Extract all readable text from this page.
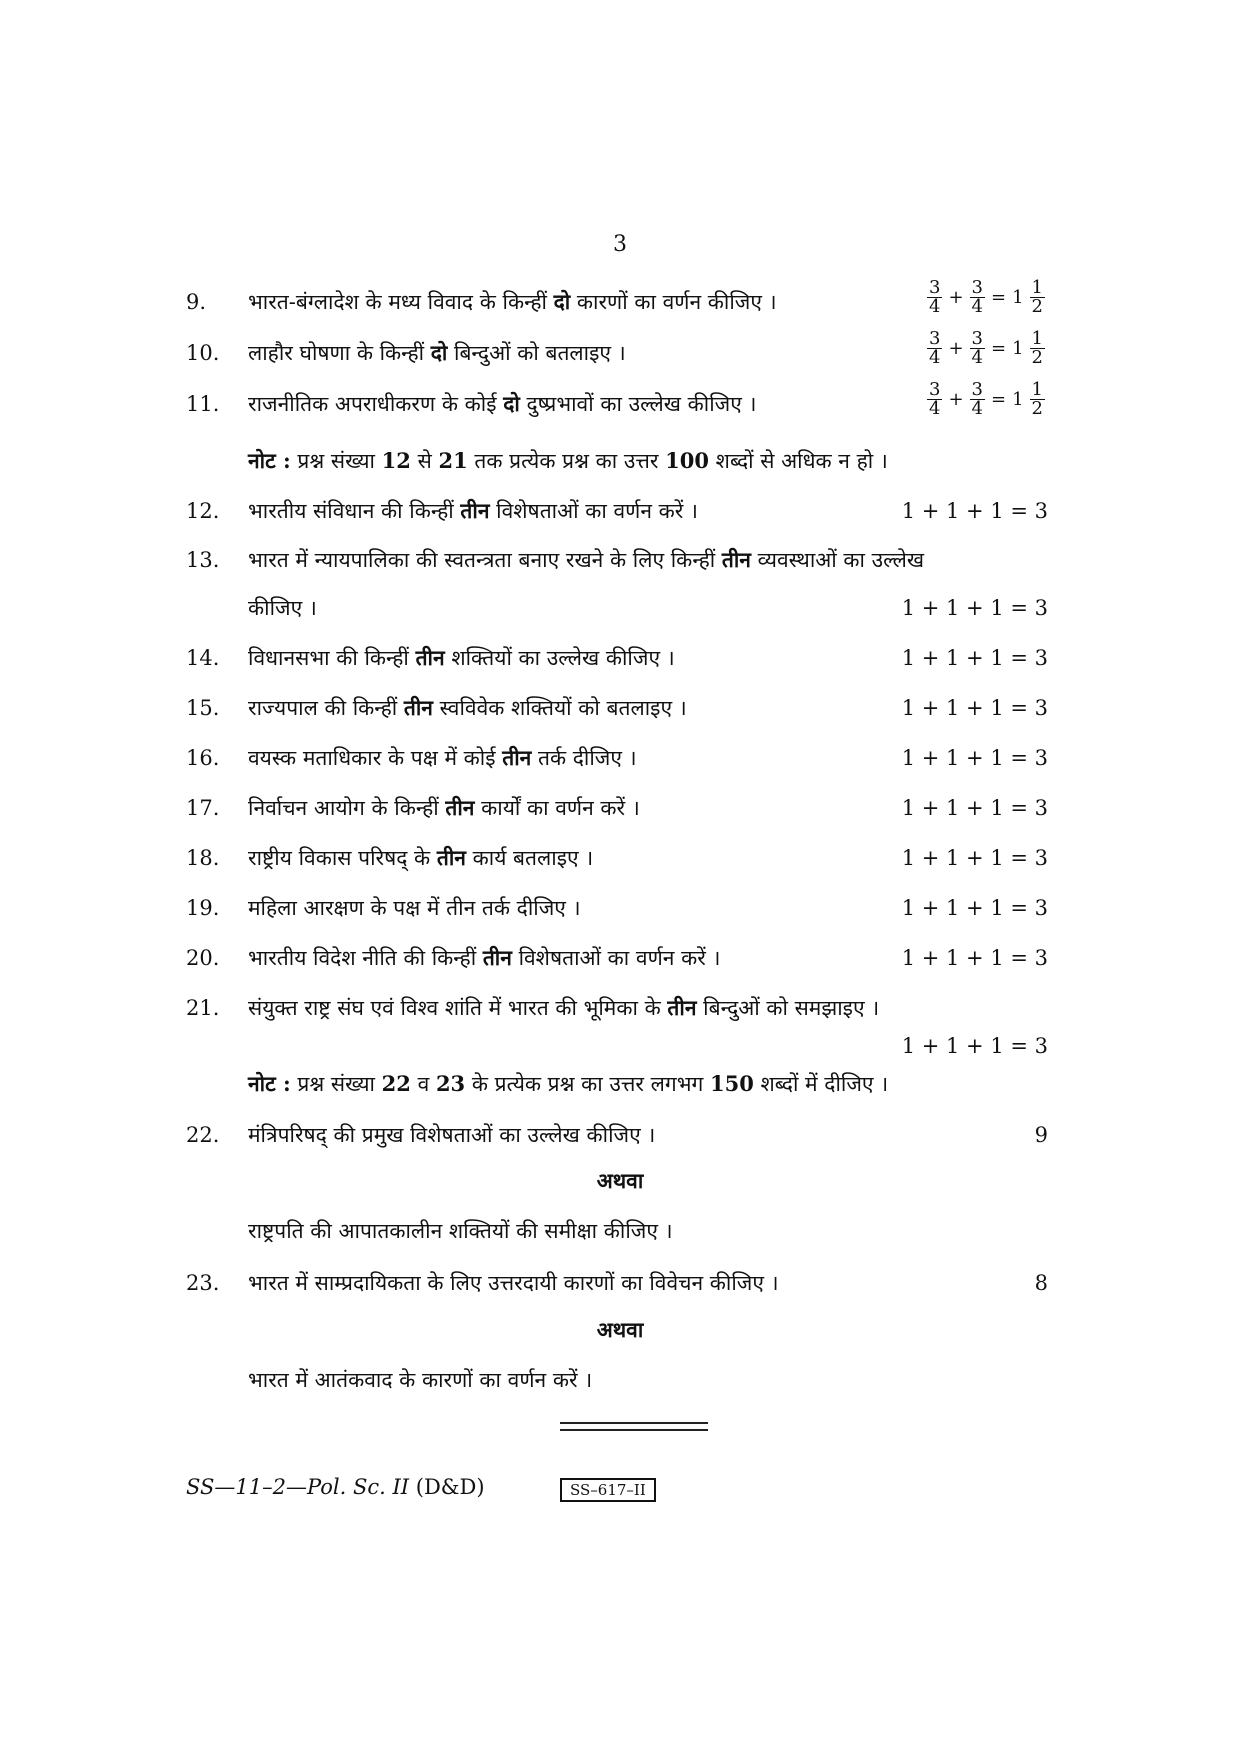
3
9.	भारत-बंग्लादेश के मध्य विवाद के किन्हीं दो कारणों का वर्णन कीजिए ।	$\frac{3}{4} + \frac{3}{4} = 1 \frac{1}{2}$
10.	लाहौर घोषणा के किन्हीं दो बिन्दुओं को बतलाइए ।	$\frac{3}{4} + \frac{3}{4} = 1 \frac{1}{2}$
11.	राजनीतिक अपराधीकरण के कोई दो दुष्प्रभावों का उल्लेख कीजिए ।	$\frac{3}{4} + \frac{3}{4} = 1 \frac{1}{2}$
नोट : प्रश्न संख्या 12 से 21 तक प्रत्येक प्रश्न का उत्तर 100 शब्दों से अधिक न हो ।
12.	भारतीय संविधान की किन्हीं तीन विशेषताओं का वर्णन करें ।	1 + 1 + 1 = 3
13.	भारत में न्यायपालिका की स्वतन्त्रता बनाए रखने के लिए किन्हीं तीन व्यवस्थाओं का उल्लेख
कीजिए ।	1 + 1 + 1 = 3
14.	विधानसभा की किन्हीं तीन शक्तियों का उल्लेख कीजिए ।	1 + 1 + 1 = 3
15.	राज्यपाल की किन्हीं तीन स्वविवेक शक्तियों को बतलाइए ।	1 + 1 + 1 = 3
16.	वयस्क मताधिकार के पक्ष में कोई तीन तर्क दीजिए ।	1 + 1 + 1 = 3
17.	निर्वाचन आयोग के किन्हीं तीन कार्यों का वर्णन करें ।	1 + 1 + 1 = 3
18.	राष्ट्रीय विकास परिषद् के तीन कार्य बतलाइए ।	1 + 1 + 1 = 3
19.	महिला आरक्षण के पक्ष में तीन तर्क दीजिए ।	1 + 1 + 1 = 3
20.	भारतीय विदेश नीति की किन्हीं तीन विशेषताओं का वर्णन करें ।	1 + 1 + 1 = 3
21.	संयुक्त राष्ट्र संघ एवं विश्व शांति में भारत की भूमिका के तीन बिन्दुओं को समझाइए ।
1 + 1 + 1 = 3
नोट : प्रश्न संख्या 22 व 23 के प्रत्येक प्रश्न का उत्तर लगभग 150 शब्दों में दीजिए ।
22.	मंत्रिपरिषद् की प्रमुख विशेषताओं का उल्लेख कीजिए ।	9
अथवा
राष्ट्रपति की आपातकालीन शक्तियों की समीक्षा कीजिए ।
23.	भारत में साम्प्रदायिकता के लिए उत्तरदायी कारणों का विवेचन कीजिए ।	8
अथवा
भारत में आतंकवाद के कारणों का वर्णन करें ।
SS—11–2—Pol. Sc. II (D&D)	SS–617–II
